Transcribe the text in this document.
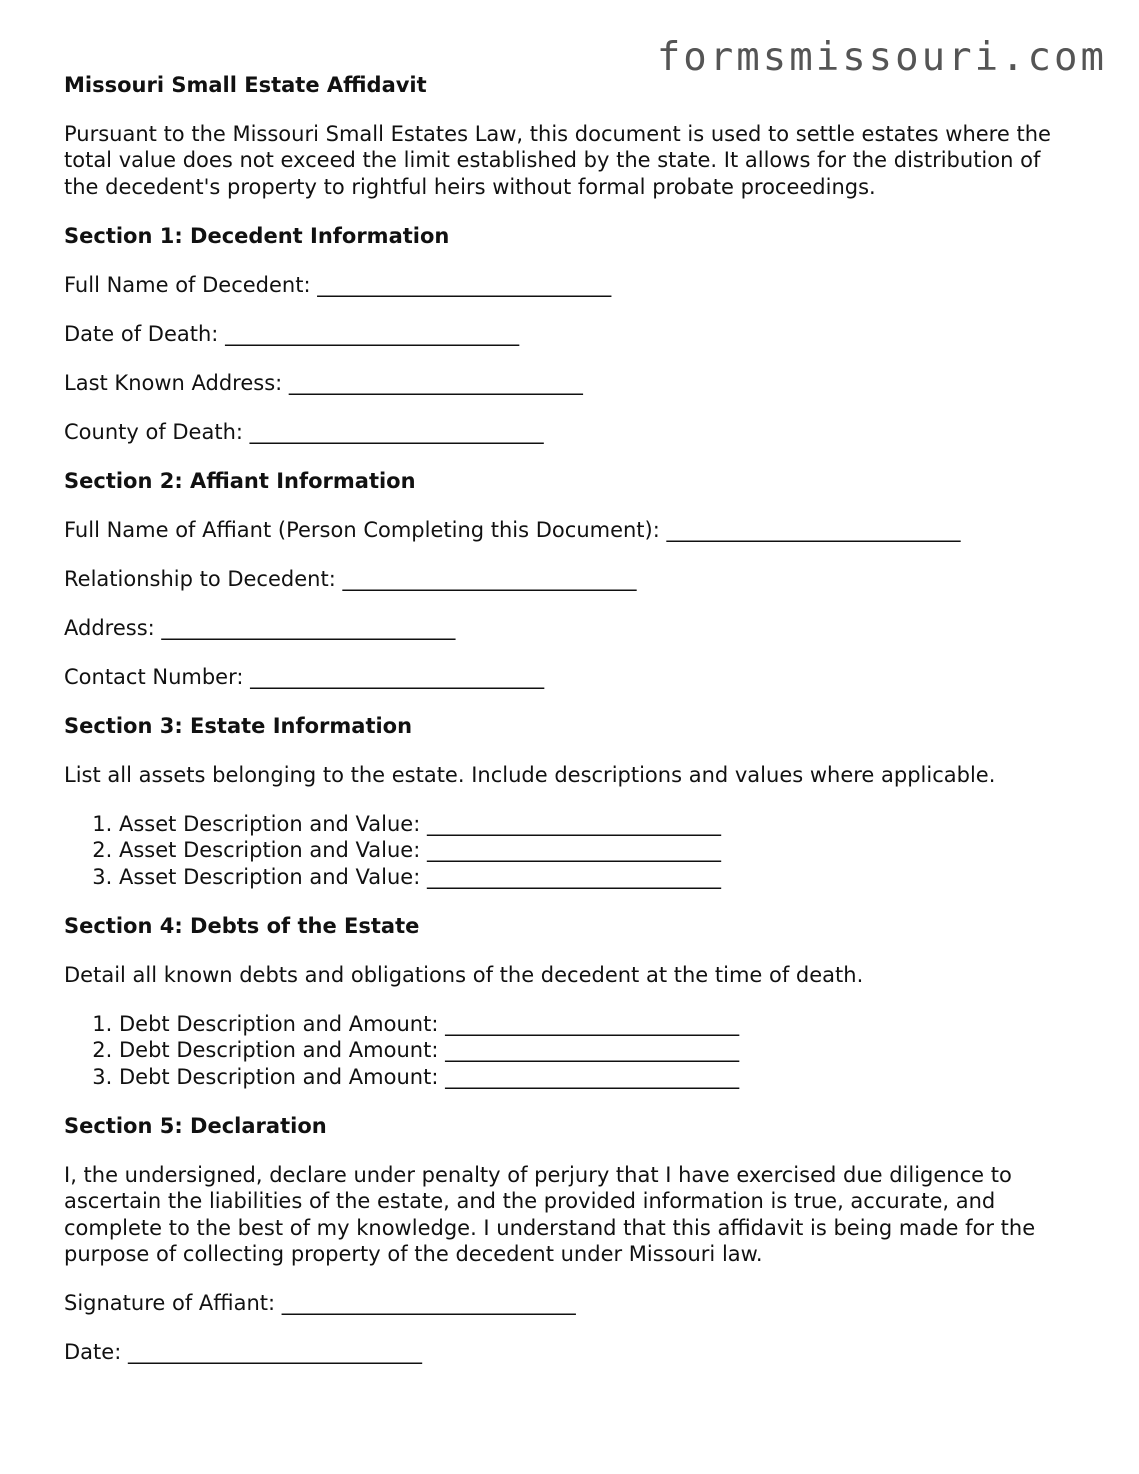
formsmissouri.com
Missouri Small Estate Affidavit

Pursuant to the Missouri Small Estates Law, this document is used to settle estates where the total value does not exceed the limit established by the state. It allows for the distribution of the decedent's property to rightful heirs without formal probate proceedings.

Section 1: Decedent Information
Full Name of Decedent: ____________________________
Date of Death: ____________________________
Last Known Address: ____________________________
County of Death: ____________________________
Section 2: Affiant Information
Full Name of Affiant (Person Completing this Document): ____________________________
Relationship to Decedent: ____________________________
Address: ____________________________
Contact Number: ____________________________
Section 3: Estate Information

List all assets belonging to the estate. Include descriptions and values where applicable.

1. Asset Description and Value: ____________________________
2. Asset Description and Value: ____________________________
3. Asset Description and Value: ____________________________
Section 4: Debts of the Estate

Detail all known debts and obligations of the decedent at the time of death.

1. Debt Description and Amount: ____________________________
2. Debt Description and Amount: ____________________________
3. Debt Description and Amount: ____________________________
Section 5: Declaration

I, the undersigned, declare under penalty of perjury that I have exercised due diligence to ascertain the liabilities of the estate, and the provided information is true, accurate, and complete to the best of my knowledge. I understand that this affidavit is being made for the purpose of collecting property of the decedent under Missouri law.

Signature of Affiant: ____________________________
Date: ____________________________
